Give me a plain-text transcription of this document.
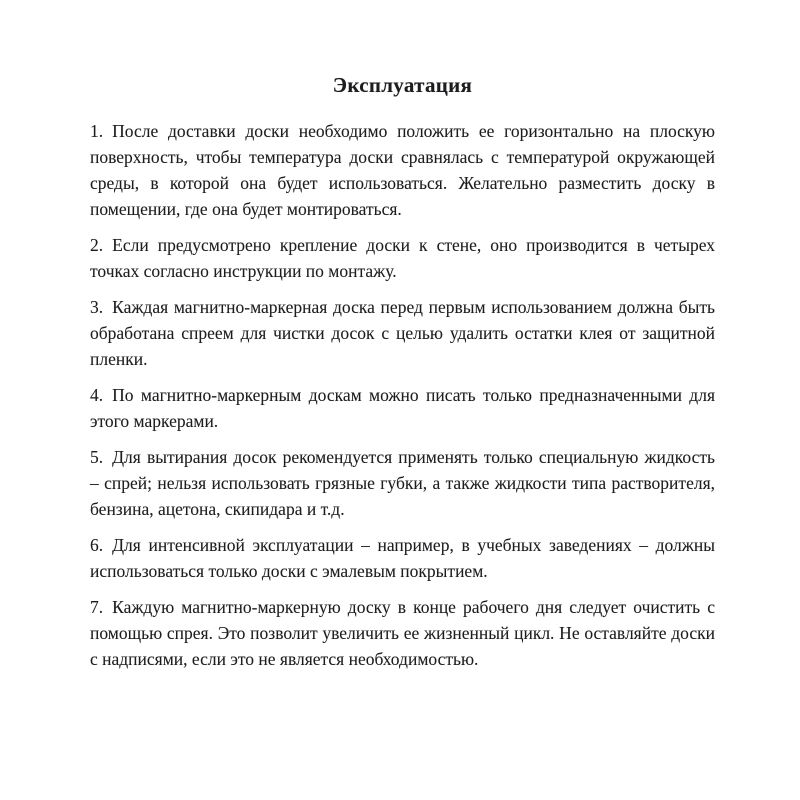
Эксплуатация

1. После доставки доски необходимо положить ее горизонтально на плоскую поверхность, чтобы температура доски сравнялась с температурой окружающей среды, в которой она будет использоваться. Желательно разместить доску в помещении, где она будет монтироваться.

2. Если предусмотрено крепление доски к стене, оно производится в четырех точках согласно инструкции по монтажу.

3. Каждая магнитно-маркерная доска перед первым использованием должна быть обработана спреем для чистки досок с целью удалить остатки клея от защитной пленки.

4. По магнитно-маркерным доскам можно писать только предназначенными для этого маркерами.

5. Для вытирания досок рекомендуется применять только специальную жидкость – спрей; нельзя использовать грязные губки, а также жидкости типа растворителя, бензина, ацетона, скипидара и т.д.

6. Для интенсивной эксплуатации – например, в учебных заведениях – должны использоваться только доски с эмалевым покрытием.

7. Каждую магнитно-маркерную доску в конце рабочего дня следует очистить с помощью спрея. Это позволит увеличить ее жизненный цикл. Не оставляйте доски с надписями, если это не является необходимостью.
